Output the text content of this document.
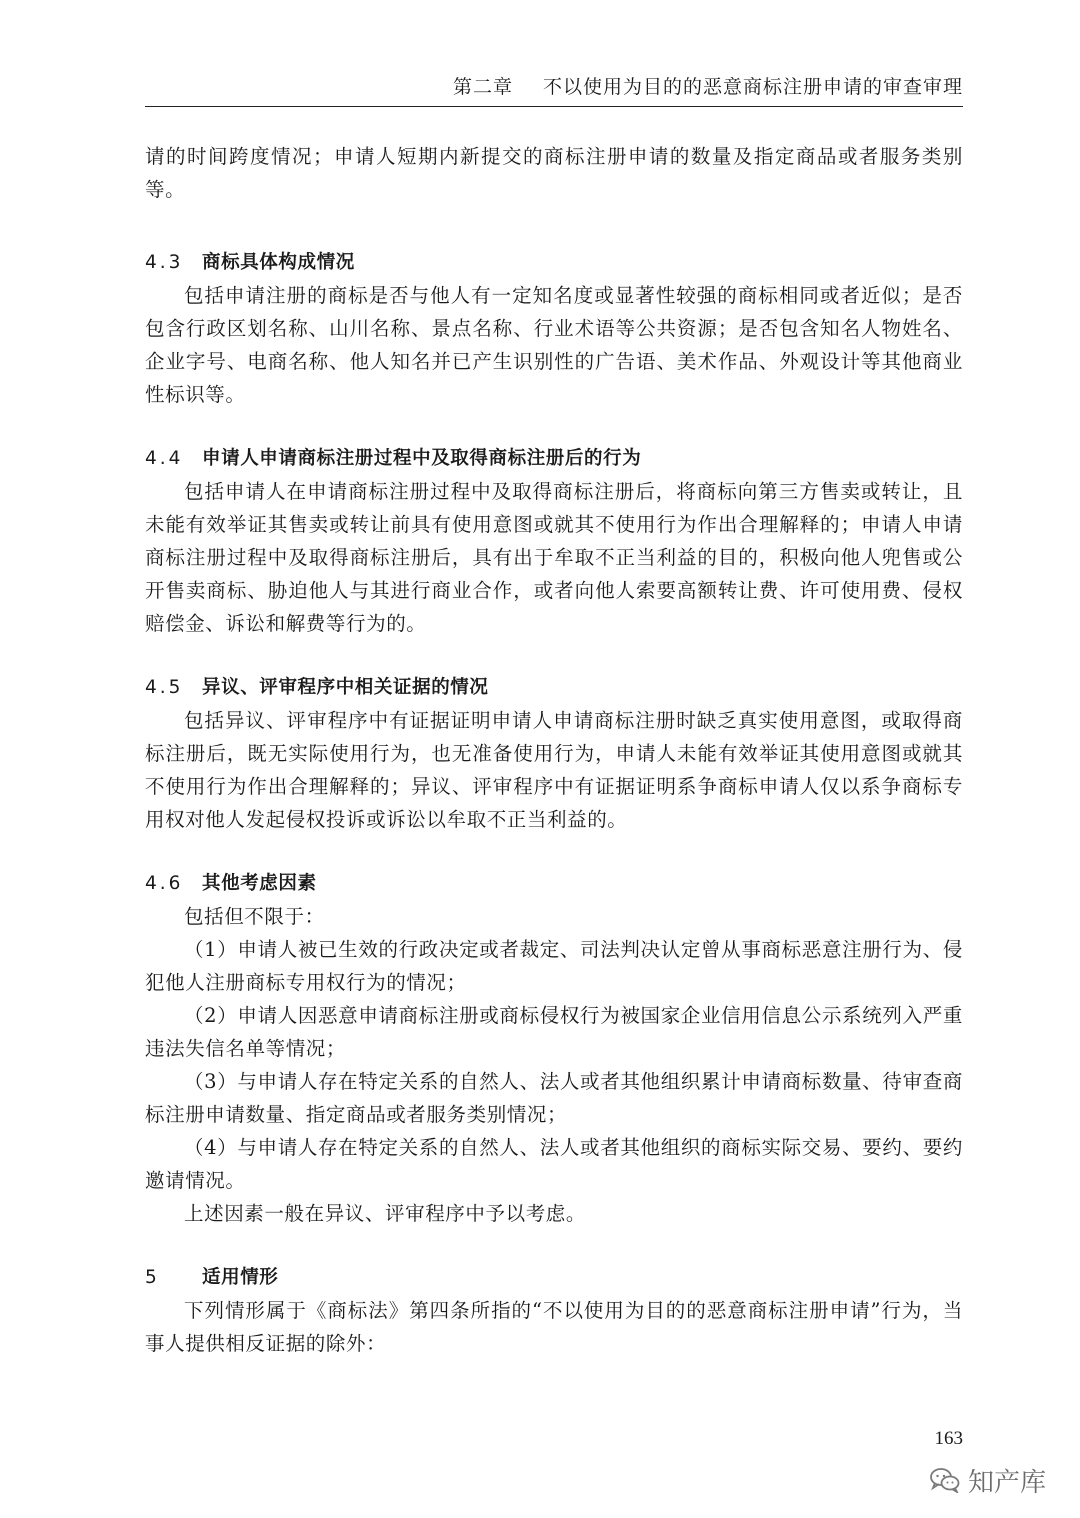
第二章 不以使用为目的的恶意商标注册申请的审查审理

请的时间跨度情况；申请人短期内新提交的商标注册申请的数量及指定商品或者服务类别等。

4.3 商标具体构成情况

包括申请注册的商标是否与他人有一定知名度或显著性较强的商标相同或者近似；是否包含行政区划名称、山川名称、景点名称、行业术语等公共资源；是否包含知名人物姓名、企业字号、电商名称、他人知名并已产生识别性的广告语、美术作品、外观设计等其他商业性标识等。

4.4 申请人申请商标注册过程中及取得商标注册后的行为

包括申请人在申请商标注册过程中及取得商标注册后，将商标向第三方售卖或转让，且未能有效举证其售卖或转让前具有使用意图或就其不使用行为作出合理解释的；申请人申请商标注册过程中及取得商标注册后，具有出于牟取不正当利益的目的，积极向他人兜售或公开售卖商标、胁迫他人与其进行商业合作，或者向他人索要高额转让费、许可使用费、侵权赔偿金、诉讼和解费等行为的。

4.5 异议、评审程序中相关证据的情况

包括异议、评审程序中有证据证明申请人申请商标注册时缺乏真实使用意图，或取得商标注册后，既无实际使用行为，也无准备使用行为，申请人未能有效举证其使用意图或就其不使用行为作出合理解释的；异议、评审程序中有证据证明系争商标申请人仅以系争商标专用权对他人发起侵权投诉或诉讼以牟取不正当利益的。

4.6 其他考虑因素

包括但不限于：

（1）申请人被已生效的行政决定或者裁定、司法判决认定曾从事商标恶意注册行为、侵犯他人注册商标专用权行为的情况；

（2）申请人因恶意申请商标注册或商标侵权行为被国家企业信用信息公示系统列入严重违法失信名单等情况；

（3）与申请人存在特定关系的自然人、法人或者其他组织累计申请商标数量、待审查商标注册申请数量、指定商品或者服务类别情况；

（4）与申请人存在特定关系的自然人、法人或者其他组织的商标实际交易、要约、要约邀请情况。

上述因素一般在异议、评审程序中予以考虑。

5 适用情形

下列情形属于《商标法》第四条所指的“不以使用为目的的恶意商标注册申请”行为，当事人提供相反证据的除外：

163
知产库
